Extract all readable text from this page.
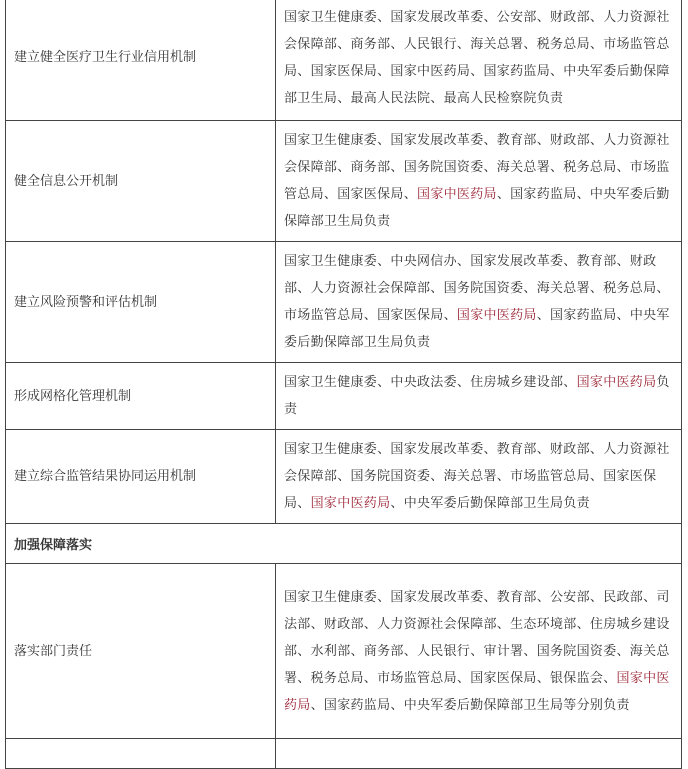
建立健全医疗卫生行业信用机制	国家卫生健康委、国家发展改革委、公安部、财政部、人力资源社会保障部、商务部、人民银行、海关总署、税务总局、市场监管总局、国家医保局、国家中医药局、国家药监局、中央军委后勤保障部卫生局、最高人民法院、最高人民检察院负责
健全信息公开机制	国家卫生健康委、国家发展改革委、教育部、财政部、人力资源社会保障部、商务部、国务院国资委、海关总署、税务总局、市场监管总局、国家医保局、国家中医药局、国家药监局、中央军委后勤保障部卫生局负责
建立风险预警和评估机制	国家卫生健康委、中央网信办、国家发展改革委、教育部、财政部、人力资源社会保障部、国务院国资委、海关总署、税务总局、市场监管总局、国家医保局、国家中医药局、国家药监局、中央军委后勤保障部卫生局负责
形成网格化管理机制	国家卫生健康委、中央政法委、住房城乡建设部、国家中医药局负责
建立综合监管结果协同运用机制	国家卫生健康委、国家发展改革委、教育部、财政部、人力资源社会保障部、国务院国资委、海关总署、市场监管总局、国家医保局、国家中医药局、中央军委后勤保障部卫生局负责
加强保障落实	
落实部门责任	国家卫生健康委、国家发展改革委、教育部、公安部、民政部、司法部、财政部、人力资源社会保障部、生态环境部、住房城乡建设部、水利部、商务部、人民银行、审计署、国务院国资委、海关总署、税务总局、市场监管总局、国家医保局、银保监会、国家中医药局、国家药监局、中央军委后勤保障部卫生局等分别负责
